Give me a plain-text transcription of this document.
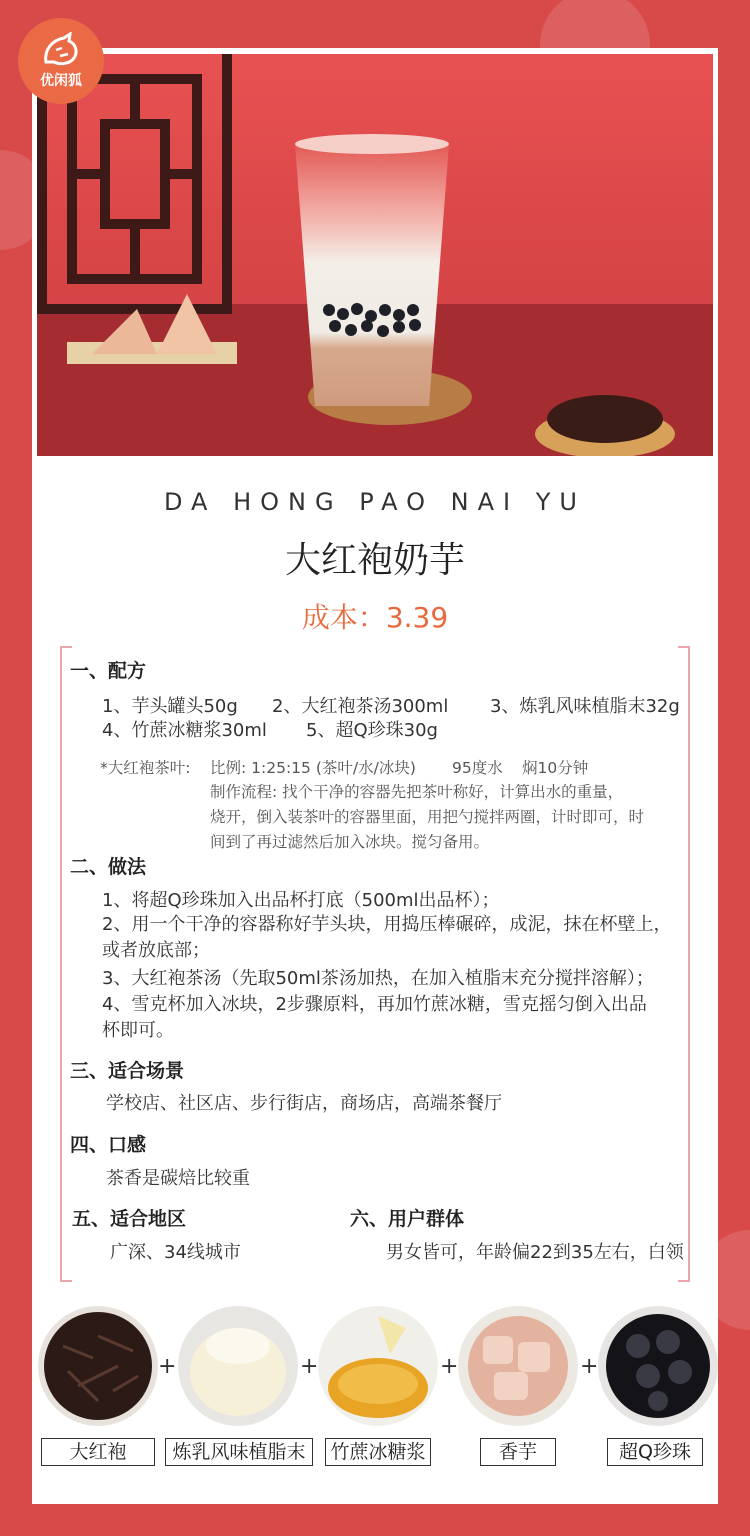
优闲狐
DA HONG PAO NAI YU
大红袍奶芋
成本：3.39
一、配方
1、芋头罐头50g 2、大红袍茶汤300ml 3、炼乳风味植脂末32g
4、竹蔗冰糖浆30ml 5、超Q珍珠30g
*大红袍茶叶: 比例: 1:25:15 (茶叶/水/冰块) 95度水 焖10分钟
制作流程: 找个干净的容器先把茶叶称好，计算出水的重量，
烧开，倒入装茶叶的容器里面，用把勺搅拌两圈，计时即可，时
间到了再过滤然后加入冰块。搅匀备用。
二、做法
1、将超Q珍珠加入出品杯打底（500ml出品杯）；
2、用一个干净的容器称好芋头块，用捣压棒碾碎，成泥，抹在杯壁上，
或者放底部；
3、大红袍茶汤（先取50ml茶汤加热，在加入植脂末充分搅拌溶解）；
4、雪克杯加入冰块，2步骤原料，再加竹蔗冰糖，雪克摇匀倒入出品
杯即可。
三、适合场景
学校店、社区店、步行街店，商场店，高端茶餐厅
四、口感
茶香是碳焙比较重
五、适合地区
广深、34线城市
六、用户群体
男女皆可，年龄偏22到35左右，白领
+	+	+	+
大红袍	炼乳风味植脂末	竹蔗冰糖浆	香芋	超Q珍珠
